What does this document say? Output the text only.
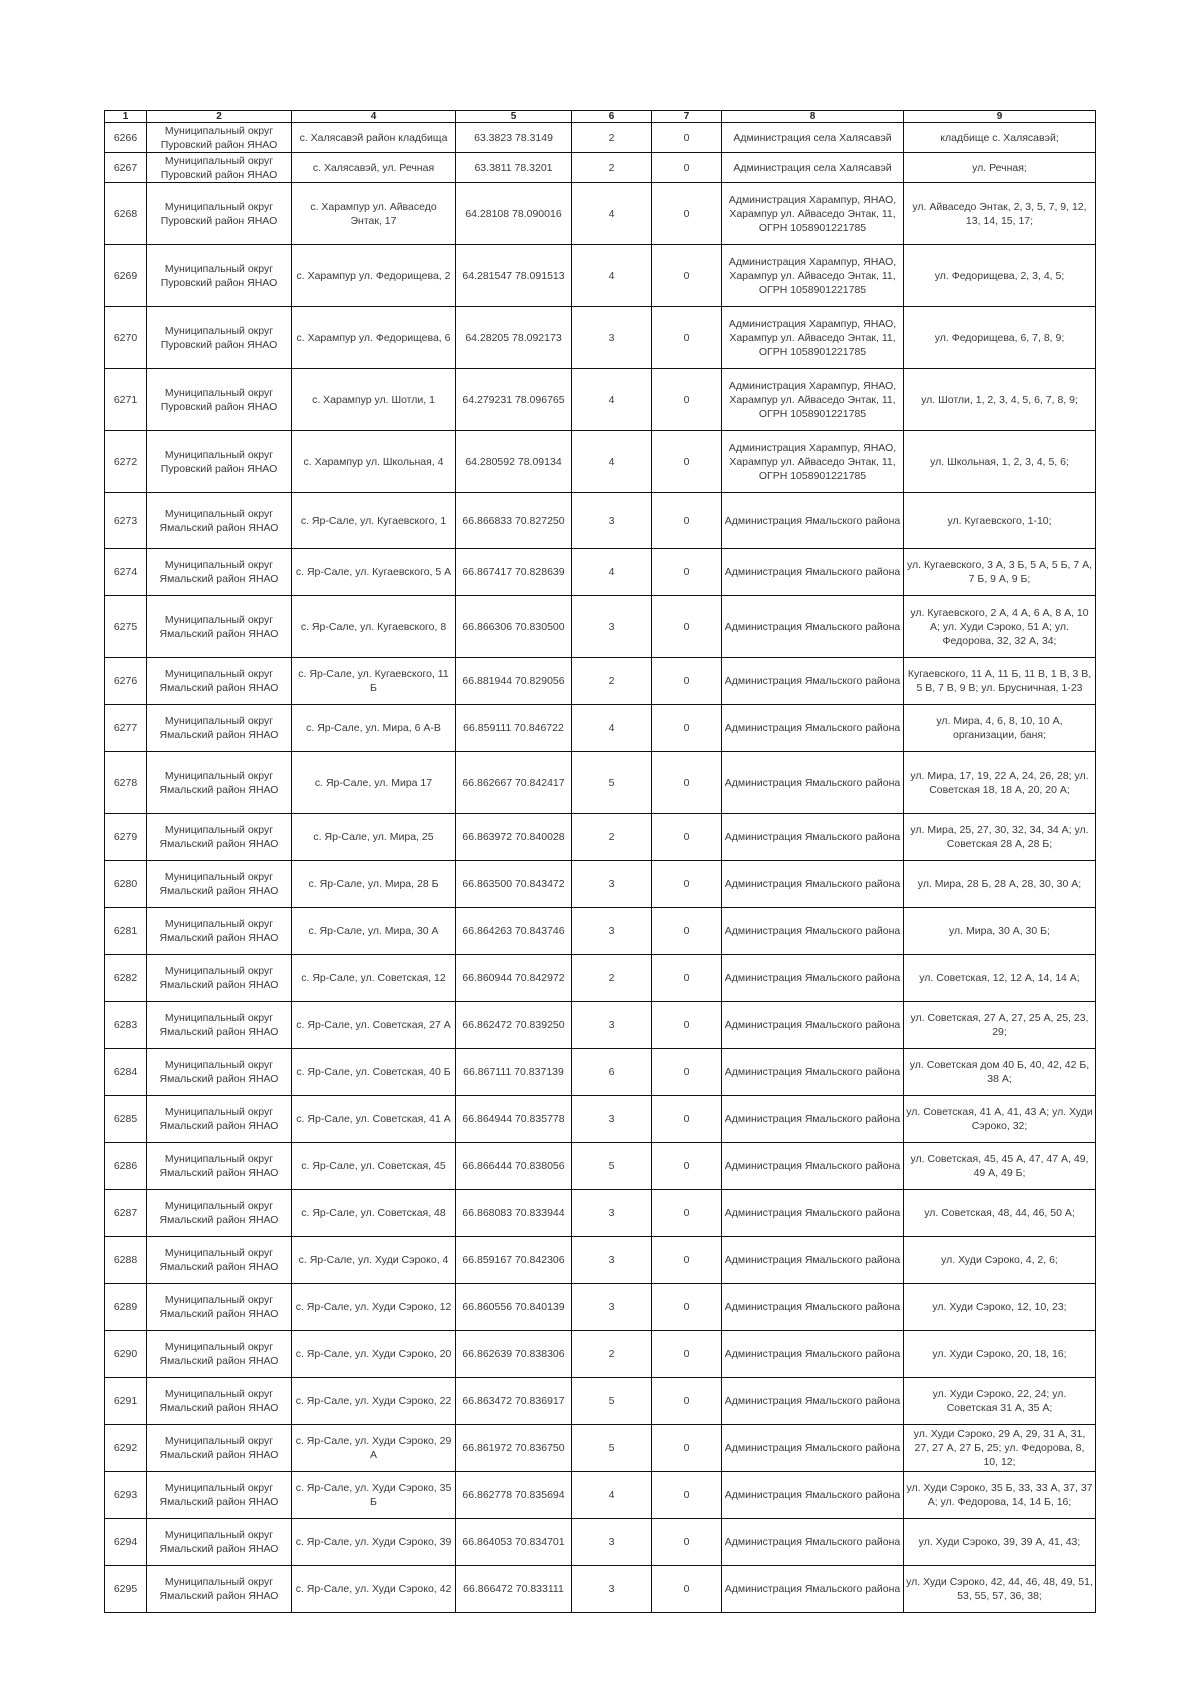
1	2	4	5	6	7	8	9
6266	Муниципальный округ Пуровский район ЯНАО	с. Халясавэй район кладбища	63.3823 78.3149	2	0	Администрация села Халясавэй	кладбище с. Халясавэй;
6267	Муниципальный округ Пуровский район ЯНАО	с. Халясавэй, ул. Речная	63.3811 78.3201	2	0	Администрация села Халясавэй	ул. Речная;
6268	Муниципальный округ Пуровский район ЯНАО	с. Харампур ул. Айваседо Энтак, 17	64.28108 78.090016	4	0	Администрация Харампур, ЯНАО, Харампур ул. Айваседо Энтак, 11, ОГРН 1058901221785	ул. Айваседо Энтак, 2, 3, 5, 7, 9, 12, 13, 14, 15, 17;
6269	Муниципальный округ Пуровский район ЯНАО	с. Харампур ул. Федорищева, 2	64.281547 78.091513	4	0	Администрация Харампур, ЯНАО, Харампур ул. Айваседо Энтак, 11, ОГРН 1058901221785	ул. Федорищева, 2, 3, 4, 5;
6270	Муниципальный округ Пуровский район ЯНАО	с. Харампур ул. Федорищева, 6	64.28205 78.092173	3	0	Администрация Харампур, ЯНАО, Харампур ул. Айваседо Энтак, 11, ОГРН 1058901221785	ул. Федорищева, 6, 7, 8, 9;
6271	Муниципальный округ Пуровский район ЯНАО	с. Харампур ул. Шотли, 1	64.279231 78.096765	4	0	Администрация Харампур, ЯНАО, Харампур ул. Айваседо Энтак, 11, ОГРН 1058901221785	ул. Шотли, 1, 2, 3, 4, 5, 6, 7, 8, 9;
6272	Муниципальный округ Пуровский район ЯНАО	с. Харампур ул. Школьная, 4	64.280592 78.09134	4	0	Администрация Харампур, ЯНАО, Харампур ул. Айваседо Энтак, 11, ОГРН 1058901221785	ул. Школьная, 1, 2, 3, 4, 5, 6;
6273	Муниципальный округ Ямальский район ЯНАО	с. Яр-Сале, ул. Кугаевского, 1	66.866833 70.827250	3	0	Администрация Ямальского района	ул. Кугаевского, 1-10;
6274	Муниципальный округ Ямальский район ЯНАО	с. Яр-Сале, ул. Кугаевского, 5 А	66.867417 70.828639	4	0	Администрация Ямальского района	ул. Кугаевского, 3 А, 3 Б, 5 А, 5 Б, 7 А, 7 Б, 9 А, 9 Б;
6275	Муниципальный округ Ямальский район ЯНАО	с. Яр-Сале, ул. Кугаевского, 8	66.866306 70.830500	3	0	Администрация Ямальского района	ул. Кугаевского, 2 А, 4 А, 6 А, 8 А, 10 А; ул. Худи Сэроко, 51 А; ул. Федорова, 32, 32 А, 34;
6276	Муниципальный округ Ямальский район ЯНАО	с. Яр-Сале, ул. Кугаевского, 11 Б	66.881944 70.829056	2	0	Администрация Ямальского района	Кугаевского, 11 А, 11 Б, 11 В, 1 В, 3 В, 5 В, 7 В, 9 В; ул. Брусничная, 1-23
6277	Муниципальный округ Ямальский район ЯНАО	с. Яр-Сале, ул. Мира, 6 А-В	66.859111 70.846722	4	0	Администрация Ямальского района	ул. Мира, 4, 6, 8, 10, 10 А, организации, баня;
6278	Муниципальный округ Ямальский район ЯНАО	с. Яр-Сале, ул. Мира 17	66.862667 70.842417	5	0	Администрация Ямальского района	ул. Мира, 17, 19, 22 А, 24, 26, 28; ул. Советская 18, 18 А, 20, 20 А;
6279	Муниципальный округ Ямальский район ЯНАО	с. Яр-Сале, ул. Мира, 25	66.863972 70.840028	2	0	Администрация Ямальского района	ул. Мира, 25, 27, 30, 32, 34, 34 А; ул. Советская 28 А, 28 Б;
6280	Муниципальный округ Ямальский район ЯНАО	с. Яр-Сале, ул. Мира, 28 Б	66.863500 70.843472	3	0	Администрация Ямальского района	ул. Мира, 28 Б, 28 А, 28, 30, 30 А;
6281	Муниципальный округ Ямальский район ЯНАО	с. Яр-Сале, ул. Мира, 30 А	66.864263 70.843746	3	0	Администрация Ямальского района	ул. Мира, 30 А, 30 Б;
6282	Муниципальный округ Ямальский район ЯНАО	с. Яр-Сале, ул. Советская, 12	66.860944 70.842972	2	0	Администрация Ямальского района	ул. Советская, 12, 12 А, 14, 14 А;
6283	Муниципальный округ Ямальский район ЯНАО	с. Яр-Сале, ул. Советская, 27 А	66.862472 70.839250	3	0	Администрация Ямальского района	ул. Советская, 27 А, 27, 25 А, 25, 23, 29;
6284	Муниципальный округ Ямальский район ЯНАО	с. Яр-Сале, ул. Советская, 40 Б	66.867111 70.837139	6	0	Администрация Ямальского района	ул. Советская дом 40 Б, 40, 42, 42 Б, 38 А;
6285	Муниципальный округ Ямальский район ЯНАО	с. Яр-Сале, ул. Советская, 41 А	66.864944 70.835778	3	0	Администрация Ямальского района	ул. Советская, 41 А, 41, 43 А; ул. Худи Сэроко, 32;
6286	Муниципальный округ Ямальский район ЯНАО	с. Яр-Сале, ул. Советская, 45	66.866444 70.838056	5	0	Администрация Ямальского района	ул. Советская, 45, 45 А, 47, 47 А, 49, 49 А, 49 Б;
6287	Муниципальный округ Ямальский район ЯНАО	с. Яр-Сале, ул. Советская, 48	66.868083 70.833944	3	0	Администрация Ямальского района	ул. Советская, 48, 44, 46, 50 А;
6288	Муниципальный округ Ямальский район ЯНАО	с. Яр-Сале, ул. Худи Сэроко, 4	66.859167 70.842306	3	0	Администрация Ямальского района	ул. Худи Сэроко, 4, 2, 6;
6289	Муниципальный округ Ямальский район ЯНАО	с. Яр-Сале, ул. Худи Сэроко, 12	66.860556 70.840139	3	0	Администрация Ямальского района	ул. Худи Сэроко, 12, 10, 23;
6290	Муниципальный округ Ямальский район ЯНАО	с. Яр-Сале, ул. Худи Сэроко, 20	66.862639 70.838306	2	0	Администрация Ямальского района	ул. Худи Сэроко, 20, 18, 16;
6291	Муниципальный округ Ямальский район ЯНАО	с. Яр-Сале, ул. Худи Сэроко, 22	66.863472 70.836917	5	0	Администрация Ямальского района	ул. Худи Сэроко, 22, 24; ул. Советская 31 А, 35 А;
6292	Муниципальный округ Ямальский район ЯНАО	с. Яр-Сале, ул. Худи Сэроко, 29 А	66.861972 70.836750	5	0	Администрация Ямальского района	ул. Худи Сэроко, 29 А, 29, 31 А, 31, 27, 27 А, 27 Б, 25; ул. Федорова, 8, 10, 12;
6293	Муниципальный округ Ямальский район ЯНАО	с. Яр-Сале, ул. Худи Сэроко, 35 Б	66.862778 70.835694	4	0	Администрация Ямальского района	ул. Худи Сэроко, 35 Б, 33, 33 А, 37, 37 А; ул. Федорова, 14, 14 Б, 16;
6294	Муниципальный округ Ямальский район ЯНАО	с. Яр-Сале, ул. Худи Сэроко, 39	66.864053 70.834701	3	0	Администрация Ямальского района	ул. Худи Сэроко, 39, 39 А, 41, 43;
6295	Муниципальный округ Ямальский район ЯНАО	с. Яр-Сале, ул. Худи Сэроко, 42	66.866472 70.833111	3	0	Администрация Ямальского района	ул. Худи Сэроко, 42, 44, 46, 48, 49, 51, 53, 55, 57, 36, 38;
